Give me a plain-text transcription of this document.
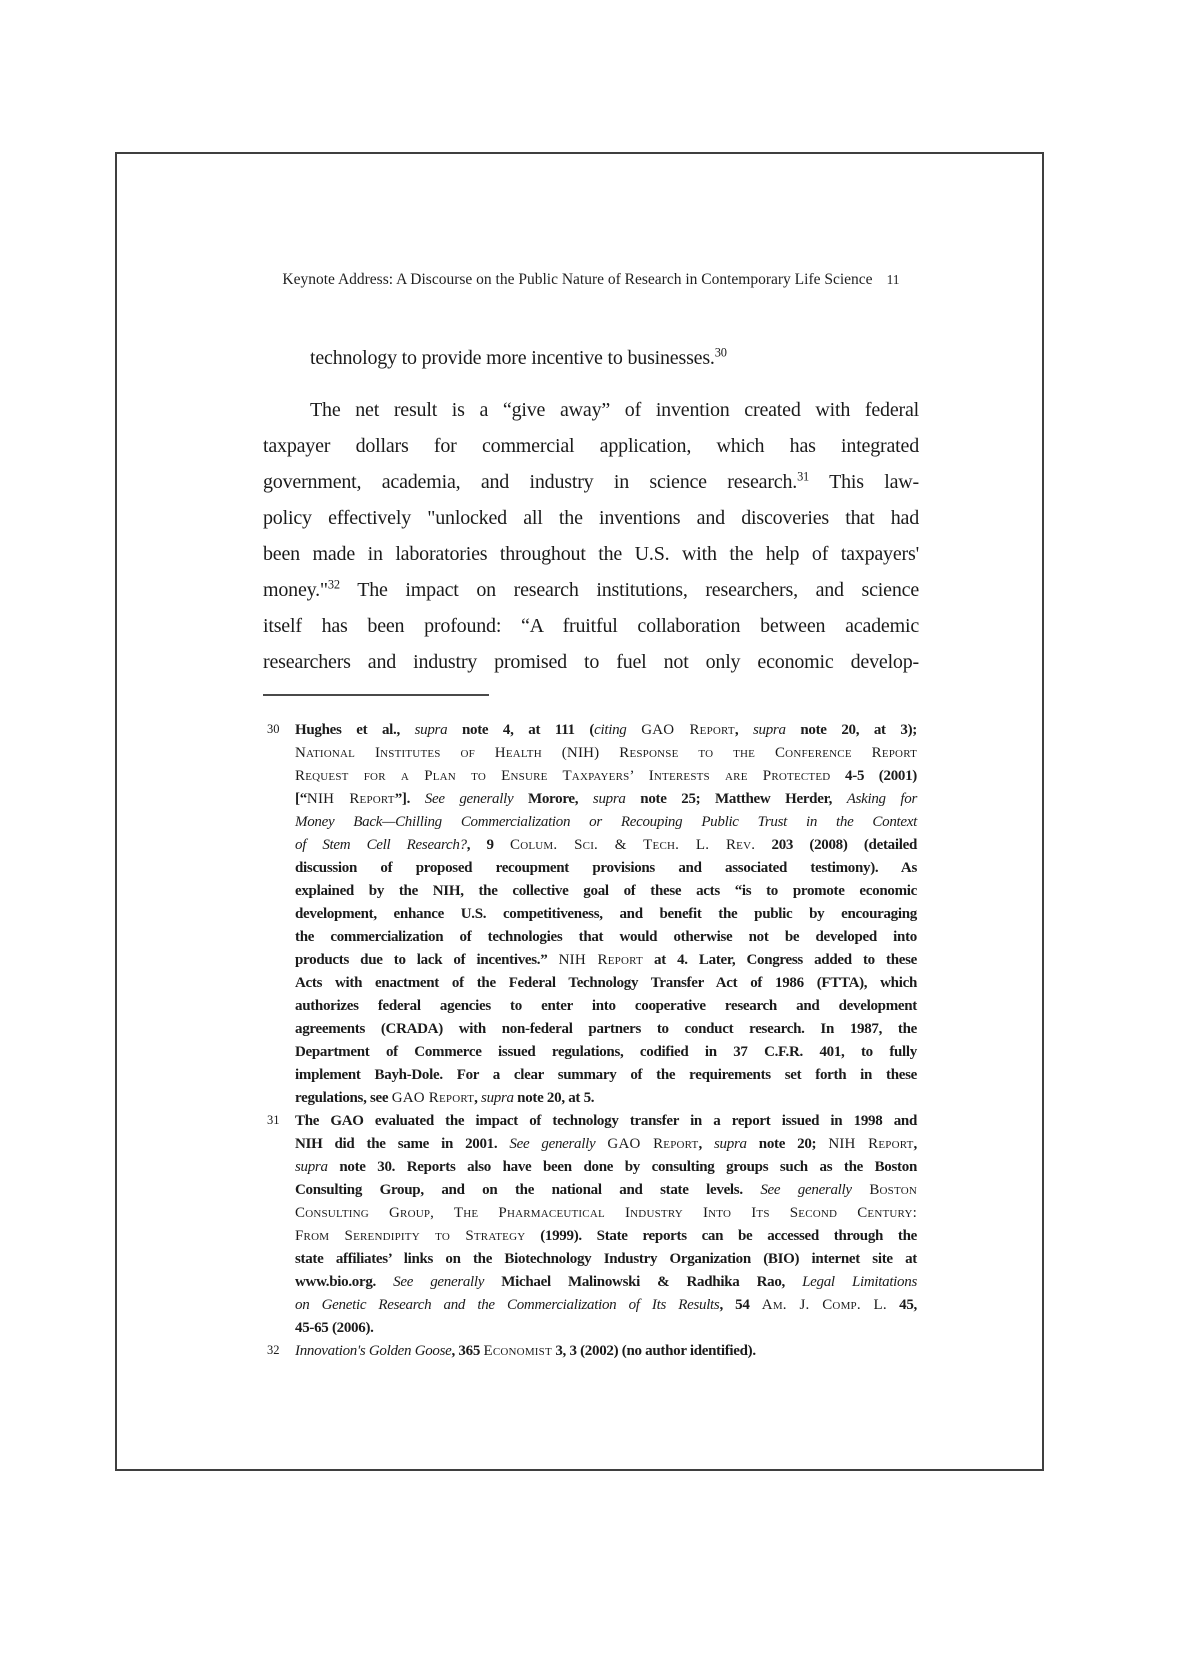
Keynote Address: A Discourse on the Public Nature of Research in Contemporary Life Science 11
technology to provide more incentive to businesses.$^{30}$
The net result is a “give away” of invention created with federal
taxpayer dollars for commercial application, which has integrated
government, academia, and industry in science research.$^{31}$ This law-
policy effectively "unlocked all the inventions and discoveries that had
been made in laboratories throughout the U.S. with the help of taxpayers'
money."$^{32}$ The impact on research institutions, researchers, and science
itself has been profound: “A fruitful collaboration between academic
researchers and industry promised to fuel not only economic develop-
30 Hughes et al., supra note 4, at 111 (citing GAO Report, supra note 20, at 3);
National Institutes of Health (NIH) Response to the Conference Report
Request for a Plan to Ensure Taxpayers’ Interests are Protected 4-5 (2001)
[“NIH Report”]. See generally Morore, supra note 25; Matthew Herder, Asking for
Money Back—Chilling Commercialization or Recouping Public Trust in the Context
of Stem Cell Research?, 9 Colum. Sci. & Tech. L. Rev. 203 (2008) (detailed
discussion of proposed recoupment provisions and associated testimony). As
explained by the NIH, the collective goal of these acts “is to promote economic
development, enhance U.S. competitiveness, and benefit the public by encouraging
the commercialization of technologies that would otherwise not be developed into
products due to lack of incentives.” NIH Report at 4. Later, Congress added to these
Acts with enactment of the Federal Technology Transfer Act of 1986 (FTTA), which
authorizes federal agencies to enter into cooperative research and development
agreements (CRADA) with non-federal partners to conduct research. In 1987, the
Department of Commerce issued regulations, codified in 37 C.F.R. 401, to fully
implement Bayh-Dole. For a clear summary of the requirements set forth in these
regulations, see GAO Report, supra note 20, at 5.
31 The GAO evaluated the impact of technology transfer in a report issued in 1998 and
NIH did the same in 2001. See generally GAO Report, supra note 20; NIH Report,
supra note 30. Reports also have been done by consulting groups such as the Boston
Consulting Group, and on the national and state levels. See generally Boston
Consulting Group, The Pharmaceutical Industry Into Its Second Century:
From Serendipity to Strategy (1999). State reports can be accessed through the
state affiliates’ links on the Biotechnology Industry Organization (BIO) internet site at
www.bio.org. See generally Michael Malinowski & Radhika Rao, Legal Limitations
on Genetic Research and the Commercialization of Its Results, 54 Am. J. Comp. L. 45,
45-65 (2006).
32 Innovation's Golden Goose, 365 Economist 3, 3 (2002) (no author identified).
